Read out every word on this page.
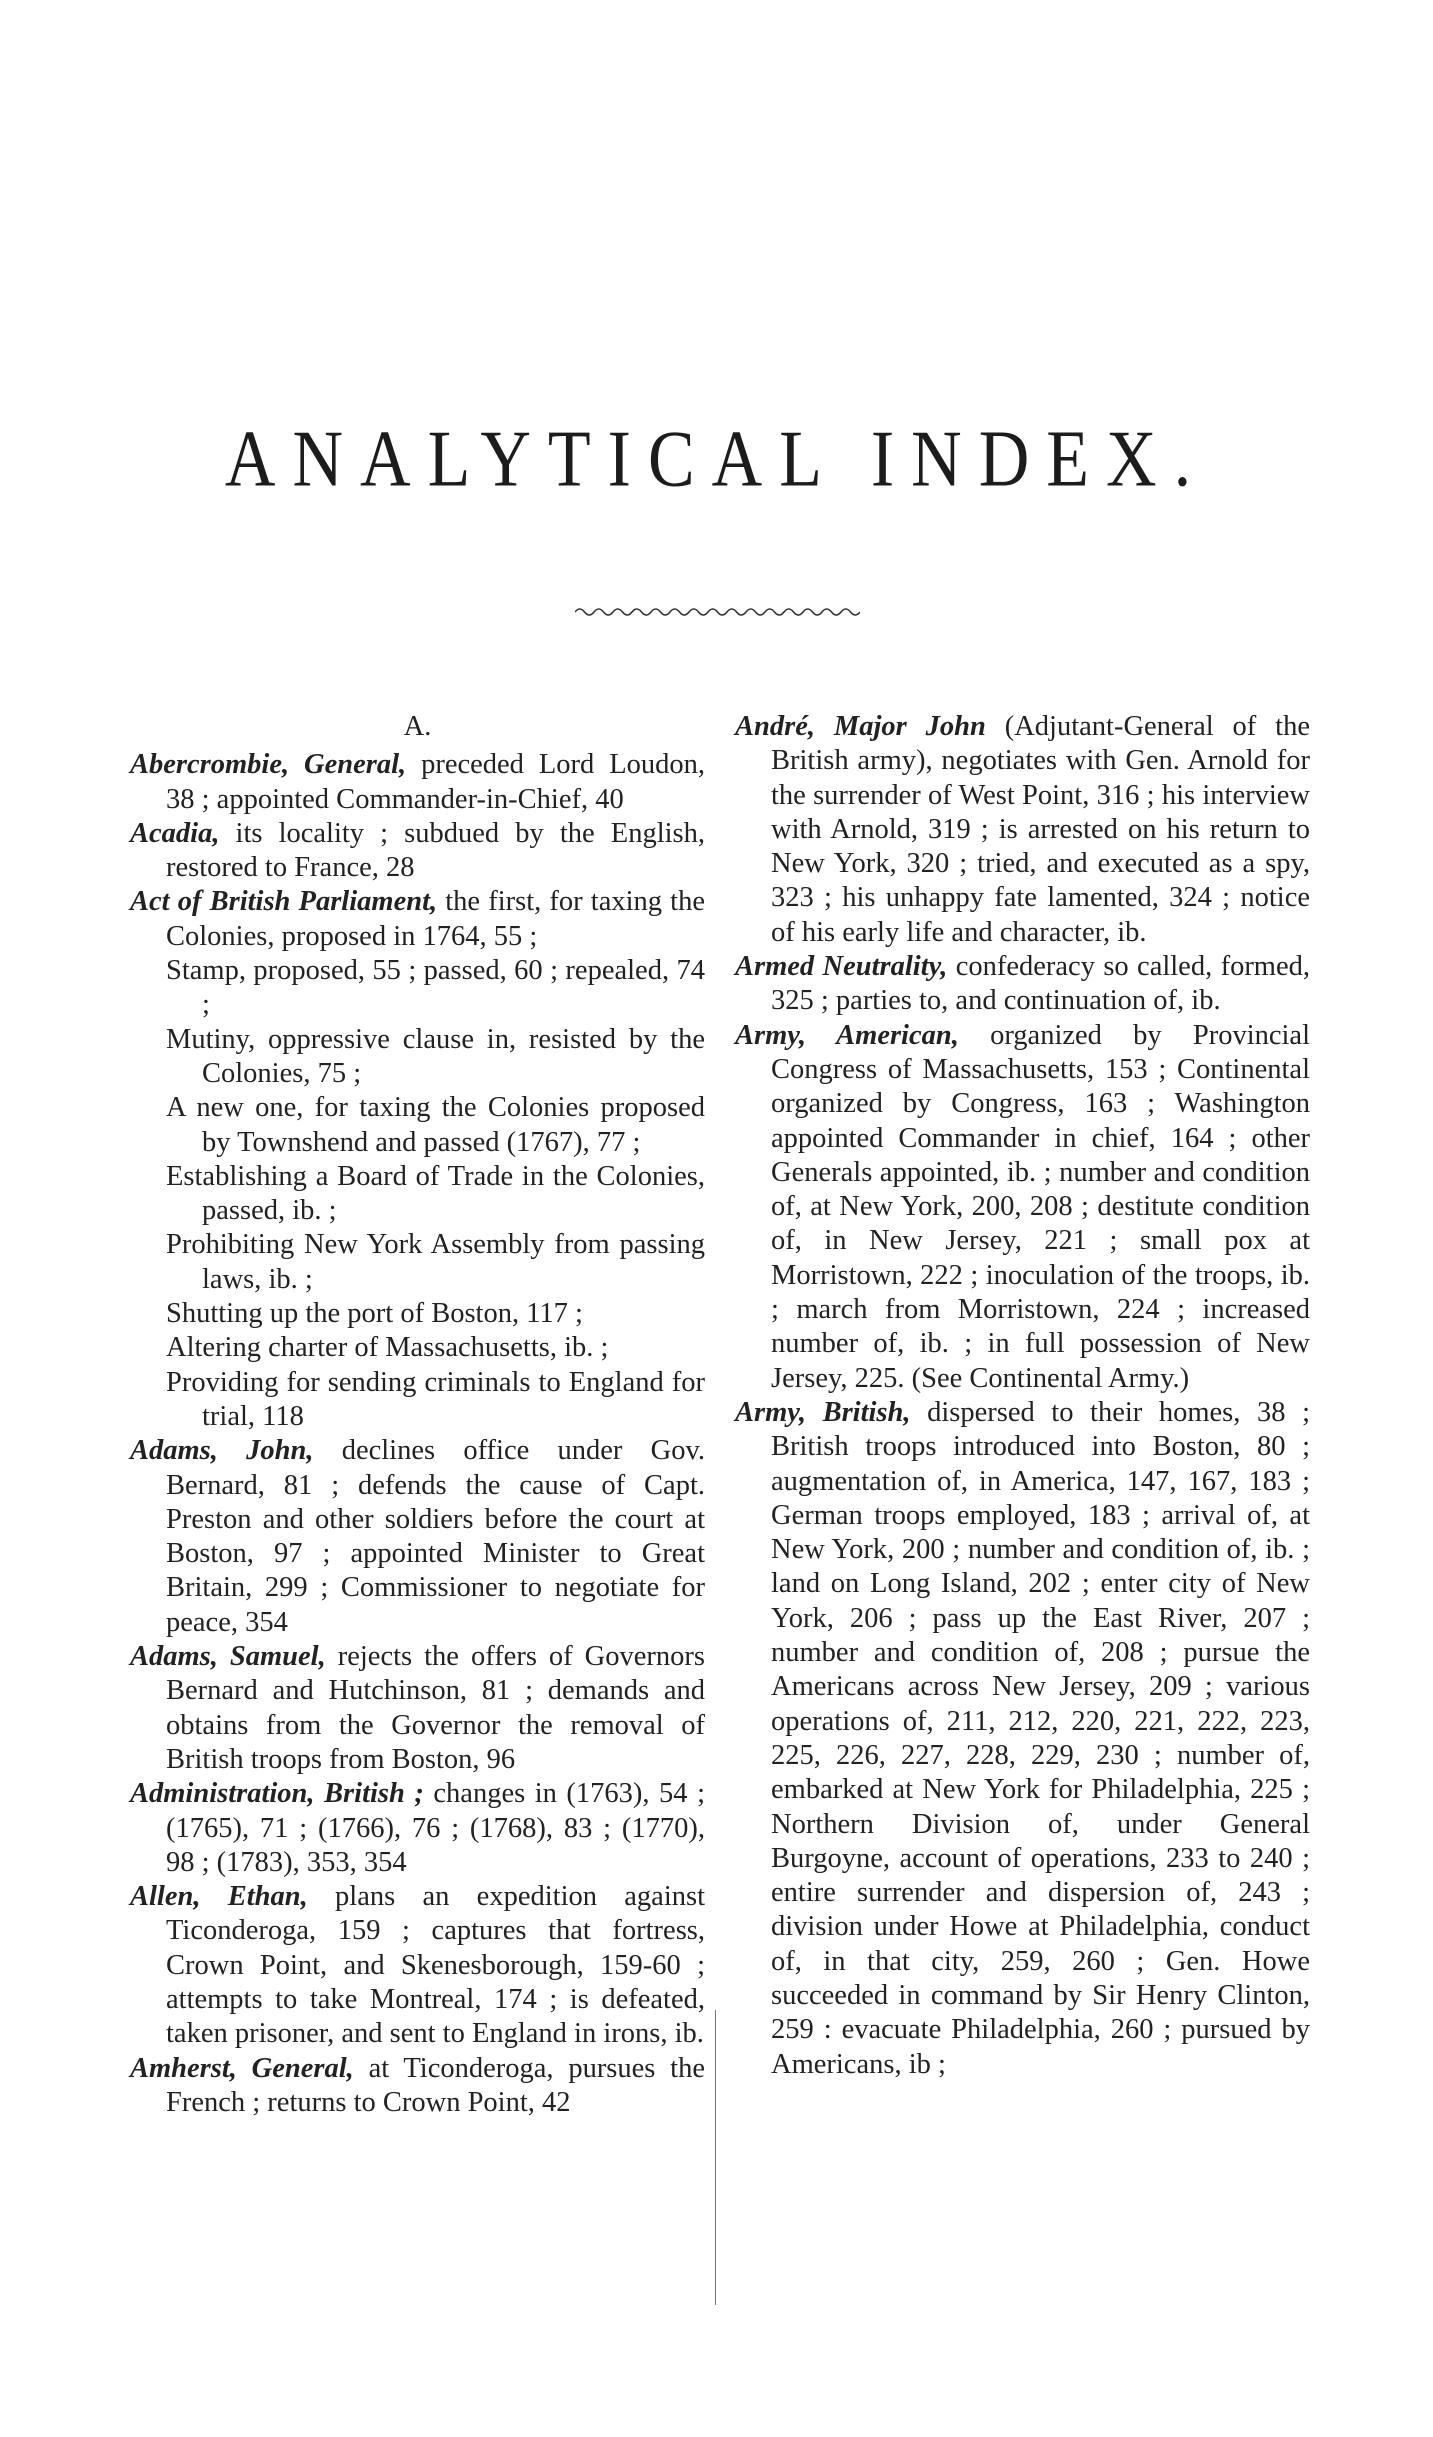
ANALYTICAL INDEX.
A.

Abercrombie, General, preceded Lord Loudon, 38 ; appointed Commander-in-Chief, 40

Acadia, its locality ; subdued by the English, restored to France, 28

Act of British Parliament, the first, for taxing the Colonies, proposed in 1764, 55 ;

Stamp, proposed, 55 ; passed, 60 ; repealed, 74 ;

Mutiny, oppressive clause in, resisted by the Colonies, 75 ;

A new one, for taxing the Colonies proposed by Townshend and passed (1767), 77 ;

Establishing a Board of Trade in the Colonies, passed, ib. ;

Prohibiting New York Assembly from passing laws, ib. ;

Shutting up the port of Boston, 117 ;

Altering charter of Massachusetts, ib. ;

Providing for sending criminals to England for trial, 118

Adams, John, declines office under Gov. Bernard, 81 ; defends the cause of Capt. Preston and other soldiers before the court at Boston, 97 ; appointed Minister to Great Britain, 299 ; Commissioner to negotiate for peace, 354

Adams, Samuel, rejects the offers of Governors Bernard and Hutchinson, 81 ; demands and obtains from the Governor the removal of British troops from Boston, 96

Administration, British ; changes in (1763), 54 ; (1765), 71 ; (1766), 76 ; (1768), 83 ; (1770), 98 ; (1783), 353, 354

Allen, Ethan, plans an expedition against Ticonderoga, 159 ; captures that fortress, Crown Point, and Skenesborough, 159-60 ; attempts to take Montreal, 174 ; is defeated, taken prisoner, and sent to England in irons, ib.

Amherst, General, at Ticonderoga, pursues the French ; returns to Crown Point, 42

André, Major John (Adjutant-General of the British army), negotiates with Gen. Arnold for the surrender of West Point, 316 ; his interview with Arnold, 319 ; is arrested on his return to New York, 320 ; tried, and executed as a spy, 323 ; his unhappy fate lamented, 324 ; notice of his early life and character, ib.

Armed Neutrality, confederacy so called, formed, 325 ; parties to, and continuation of, ib.

Army, American, organized by Provincial Congress of Massachusetts, 153 ; Continental organized by Congress, 163 ; Washington appointed Commander in chief, 164 ; other Generals appointed, ib. ; number and condition of, at New York, 200, 208 ; destitute condition of, in New Jersey, 221 ; small pox at Morristown, 222 ; inoculation of the troops, ib. ; march from Morristown, 224 ; increased number of, ib. ; in full possession of New Jersey, 225. (See Continental Army.)

Army, British, dispersed to their homes, 38 ; British troops introduced into Boston, 80 ; augmentation of, in America, 147, 167, 183 ; German troops employed, 183 ; arrival of, at New York, 200 ; number and condition of, ib. ; land on Long Island, 202 ; enter city of New York, 206 ; pass up the East River, 207 ; number and condition of, 208 ; pursue the Americans across New Jersey, 209 ; various operations of, 211, 212, 220, 221, 222, 223, 225, 226, 227, 228, 229, 230 ; number of, embarked at New York for Philadelphia, 225 ; Northern Division of, under General Burgoyne, account of operations, 233 to 240 ; entire surrender and dispersion of, 243 ; division under Howe at Philadelphia, conduct of, in that city, 259, 260 ; Gen. Howe succeeded in command by Sir Henry Clinton, 259 : evacuate Philadelphia, 260 ; pursued by Americans, ib ;
